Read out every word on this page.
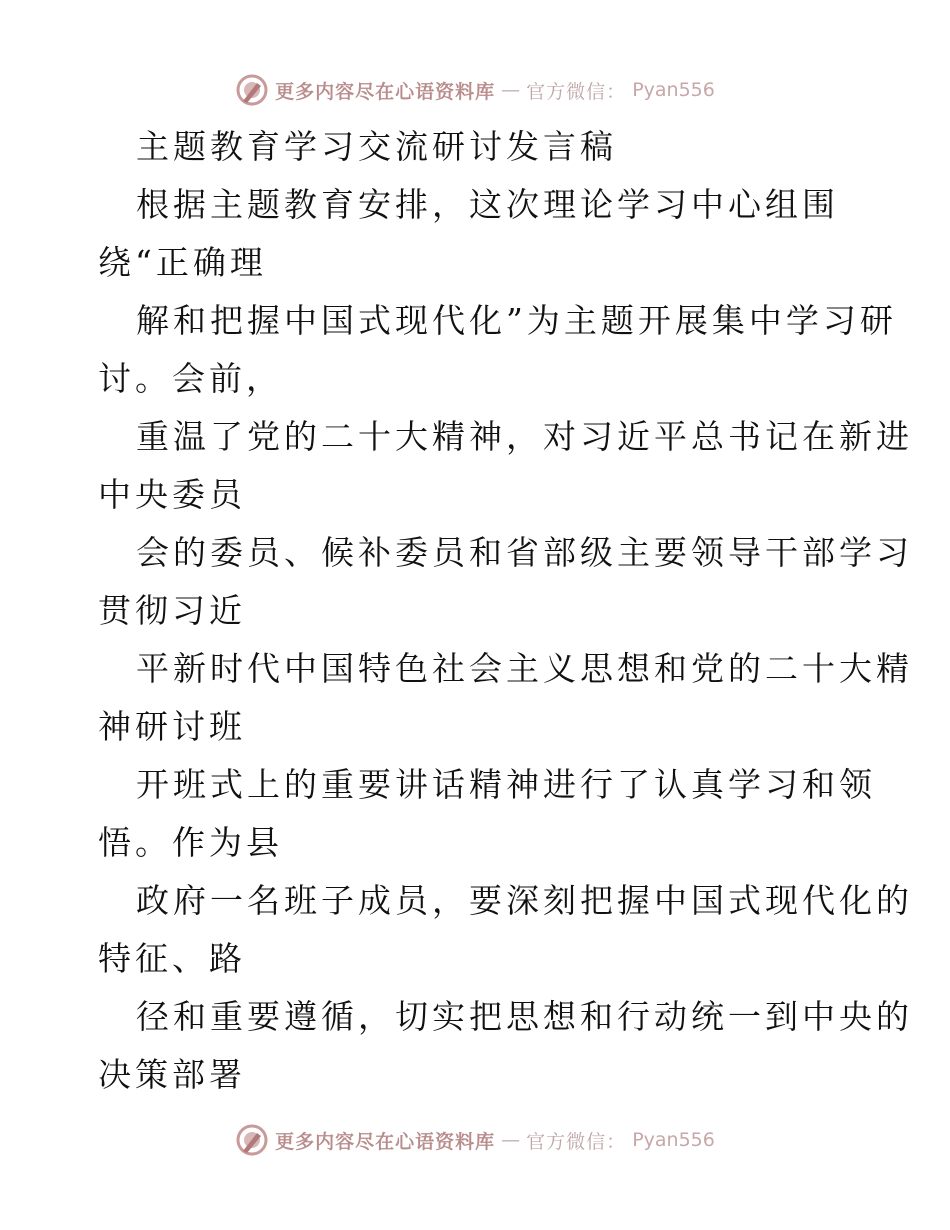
更多内容尽在心语资料库 — 官方微信： Pyan556
主题教育学习交流研讨发言稿
根据主题教育安排，这次理论学习中心组围
绕“正确理
解和把握中国式现代化”为主题开展集中学习研
讨。会前，
重温了党的二十大精神，对习近平总书记在新进
中央委员
会的委员、候补委员和省部级主要领导干部学习
贯彻习近
平新时代中国特色社会主义思想和党的二十大精
神研讨班
开班式上的重要讲话精神进行了认真学习和领
悟。作为县
政府一名班子成员，要深刻把握中国式现代化的
特征、路
径和重要遵循，切实把思想和行动统一到中央的
决策部署
更多内容尽在心语资料库 — 官方微信： Pyan556
